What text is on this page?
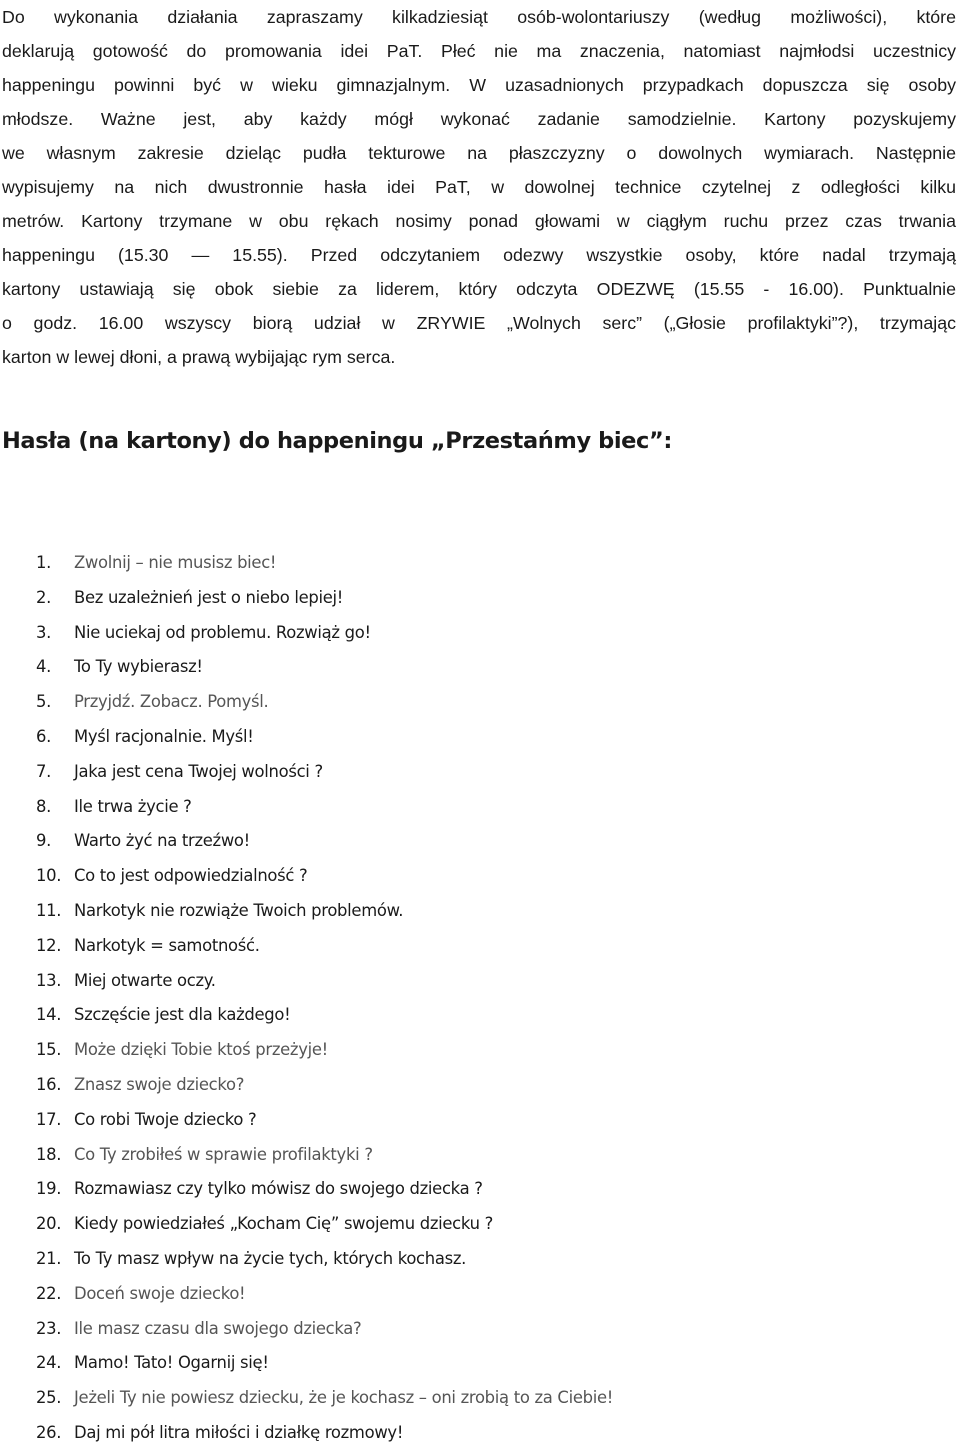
Do wykonania działania zapraszamy kilkadziesiąt osób-wolontariuszy (według możliwości), które
deklarują gotowość do promowania idei PaT. Płeć nie ma znaczenia, natomiast najmłodsi uczestnicy
happeningu powinni być w wieku gimnazjalnym. W uzasadnionych przypadkach dopuszcza się osoby
młodsze. Ważne jest, aby każdy mógł wykonać zadanie samodzielnie. Kartony pozyskujemy
we własnym zakresie dzieląc pudła tekturowe na płaszczyzny o dowolnych wymiarach. Następnie
wypisujemy na nich dwustronnie hasła idei PaT, w dowolnej technice czytelnej z odległości kilku
metrów. Kartony trzymane w obu rękach nosimy ponad głowami w ciągłym ruchu przez czas trwania
happeningu (15.30 — 15.55). Przed odczytaniem odezwy wszystkie osoby, które nadal trzymają
kartony ustawiają się obok siebie za liderem, który odczyta ODEZWĘ (15.55 - 16.00). Punktualnie
o godz. 16.00 wszyscy biorą udział w ZRYWIE „Wolnych serc” („Głosie profilaktyki”?), trzymając
karton w lewej dłoni, a prawą wybijając rym serca.
Hasła (na kartony) do happeningu „Przestańmy biec”:
1. Zwolnij – nie musisz biec!
2. Bez uzależnień jest o niebo lepiej!
3. Nie uciekaj od problemu. Rozwiąż go!
4. To Ty wybierasz!
5. Przyjdź. Zobacz. Pomyśl.
6. Myśl racjonalnie. Myśl!
7. Jaka jest cena Twojej wolności ?
8. Ile trwa życie ?
9. Warto żyć na trzeźwo!
10. Co to jest odpowiedzialność ?
11. Narkotyk nie rozwiąże Twoich problemów.
12. Narkotyk = samotność.
13. Miej otwarte oczy.
14. Szczęście jest dla każdego!
15. Może dzięki Tobie ktoś przeżyje!
16. Znasz swoje dziecko?
17. Co robi Twoje dziecko ?
18. Co Ty zrobiłeś w sprawie profilaktyki ?
19. Rozmawiasz czy tylko mówisz do swojego dziecka ?
20. Kiedy powiedziałeś „Kocham Cię” swojemu dziecku ?
21. To Ty masz wpływ na życie tych, których kochasz.
22. Doceń swoje dziecko!
23. Ile masz czasu dla swojego dziecka?
24. Mamo! Tato! Ogarnij się!
25. Jeżeli Ty nie powiesz dziecku, że je kochasz – oni zrobią to za Ciebie!
26. Daj mi pół litra miłości i działkę rozmowy!
